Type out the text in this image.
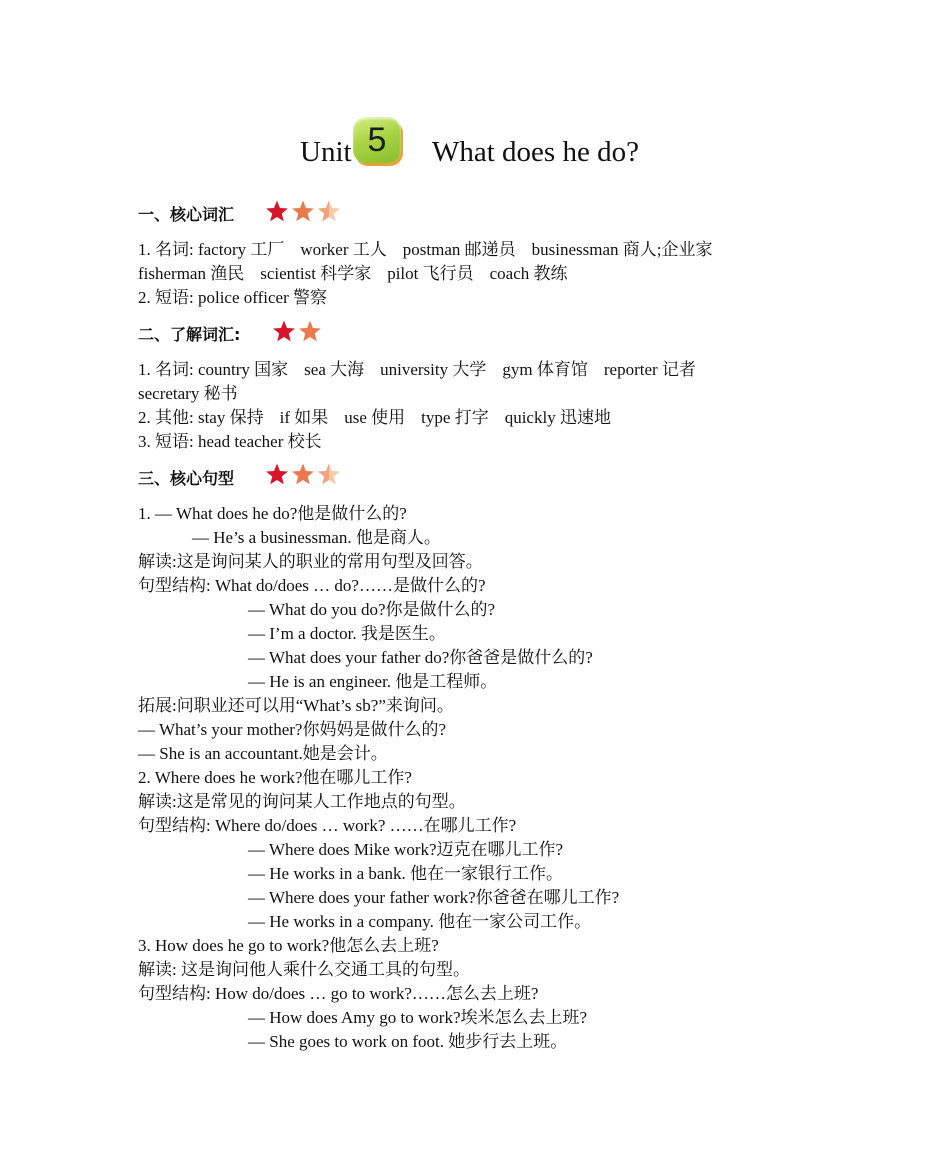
Unit 5	What does he do?
一、核心词汇
1. 名词: factory 工厂 worker 工人 postman 邮递员 businessman 商人;企业家
fisherman 渔民 scientist 科学家 pilot 飞行员 coach 教练
2. 短语: police officer 警察
二、了解词汇:
1. 名词: country 国家 sea 大海 university 大学 gym 体育馆 reporter 记者
secretary 秘书
2. 其他: stay 保持 if 如果 use 使用 type 打字 quickly 迅速地
3. 短语: head teacher 校长
三、核心句型
1. — What does he do?他是做什么的?
— He’s a businessman. 他是商人。
解读:这是询问某人的职业的常用句型及回答。
句型结构: What do/does … do?……是做什么的?
— What do you do?你是做什么的?
— I’m a doctor. 我是医生。
— What does your father do?你爸爸是做什么的?
— He is an engineer. 他是工程师。
拓展:问职业还可以用“What’s sb?”来询问。
— What’s your mother?你妈妈是做什么的?
— She is an accountant.她是会计。
2. Where does he work?他在哪儿工作?
解读:这是常见的询问某人工作地点的句型。
句型结构: Where do/does … work? ……在哪儿工作?
— Where does Mike work?迈克在哪儿工作?
— He works in a bank. 他在一家银行工作。
— Where does your father work?你爸爸在哪儿工作?
— He works in a company. 他在一家公司工作。
3. How does he go to work?他怎么去上班?
解读: 这是询问他人乘什么交通工具的句型。
句型结构: How do/does … go to work?……怎么去上班?
— How does Amy go to work?埃米怎么去上班?
— She goes to work on foot. 她步行去上班。
